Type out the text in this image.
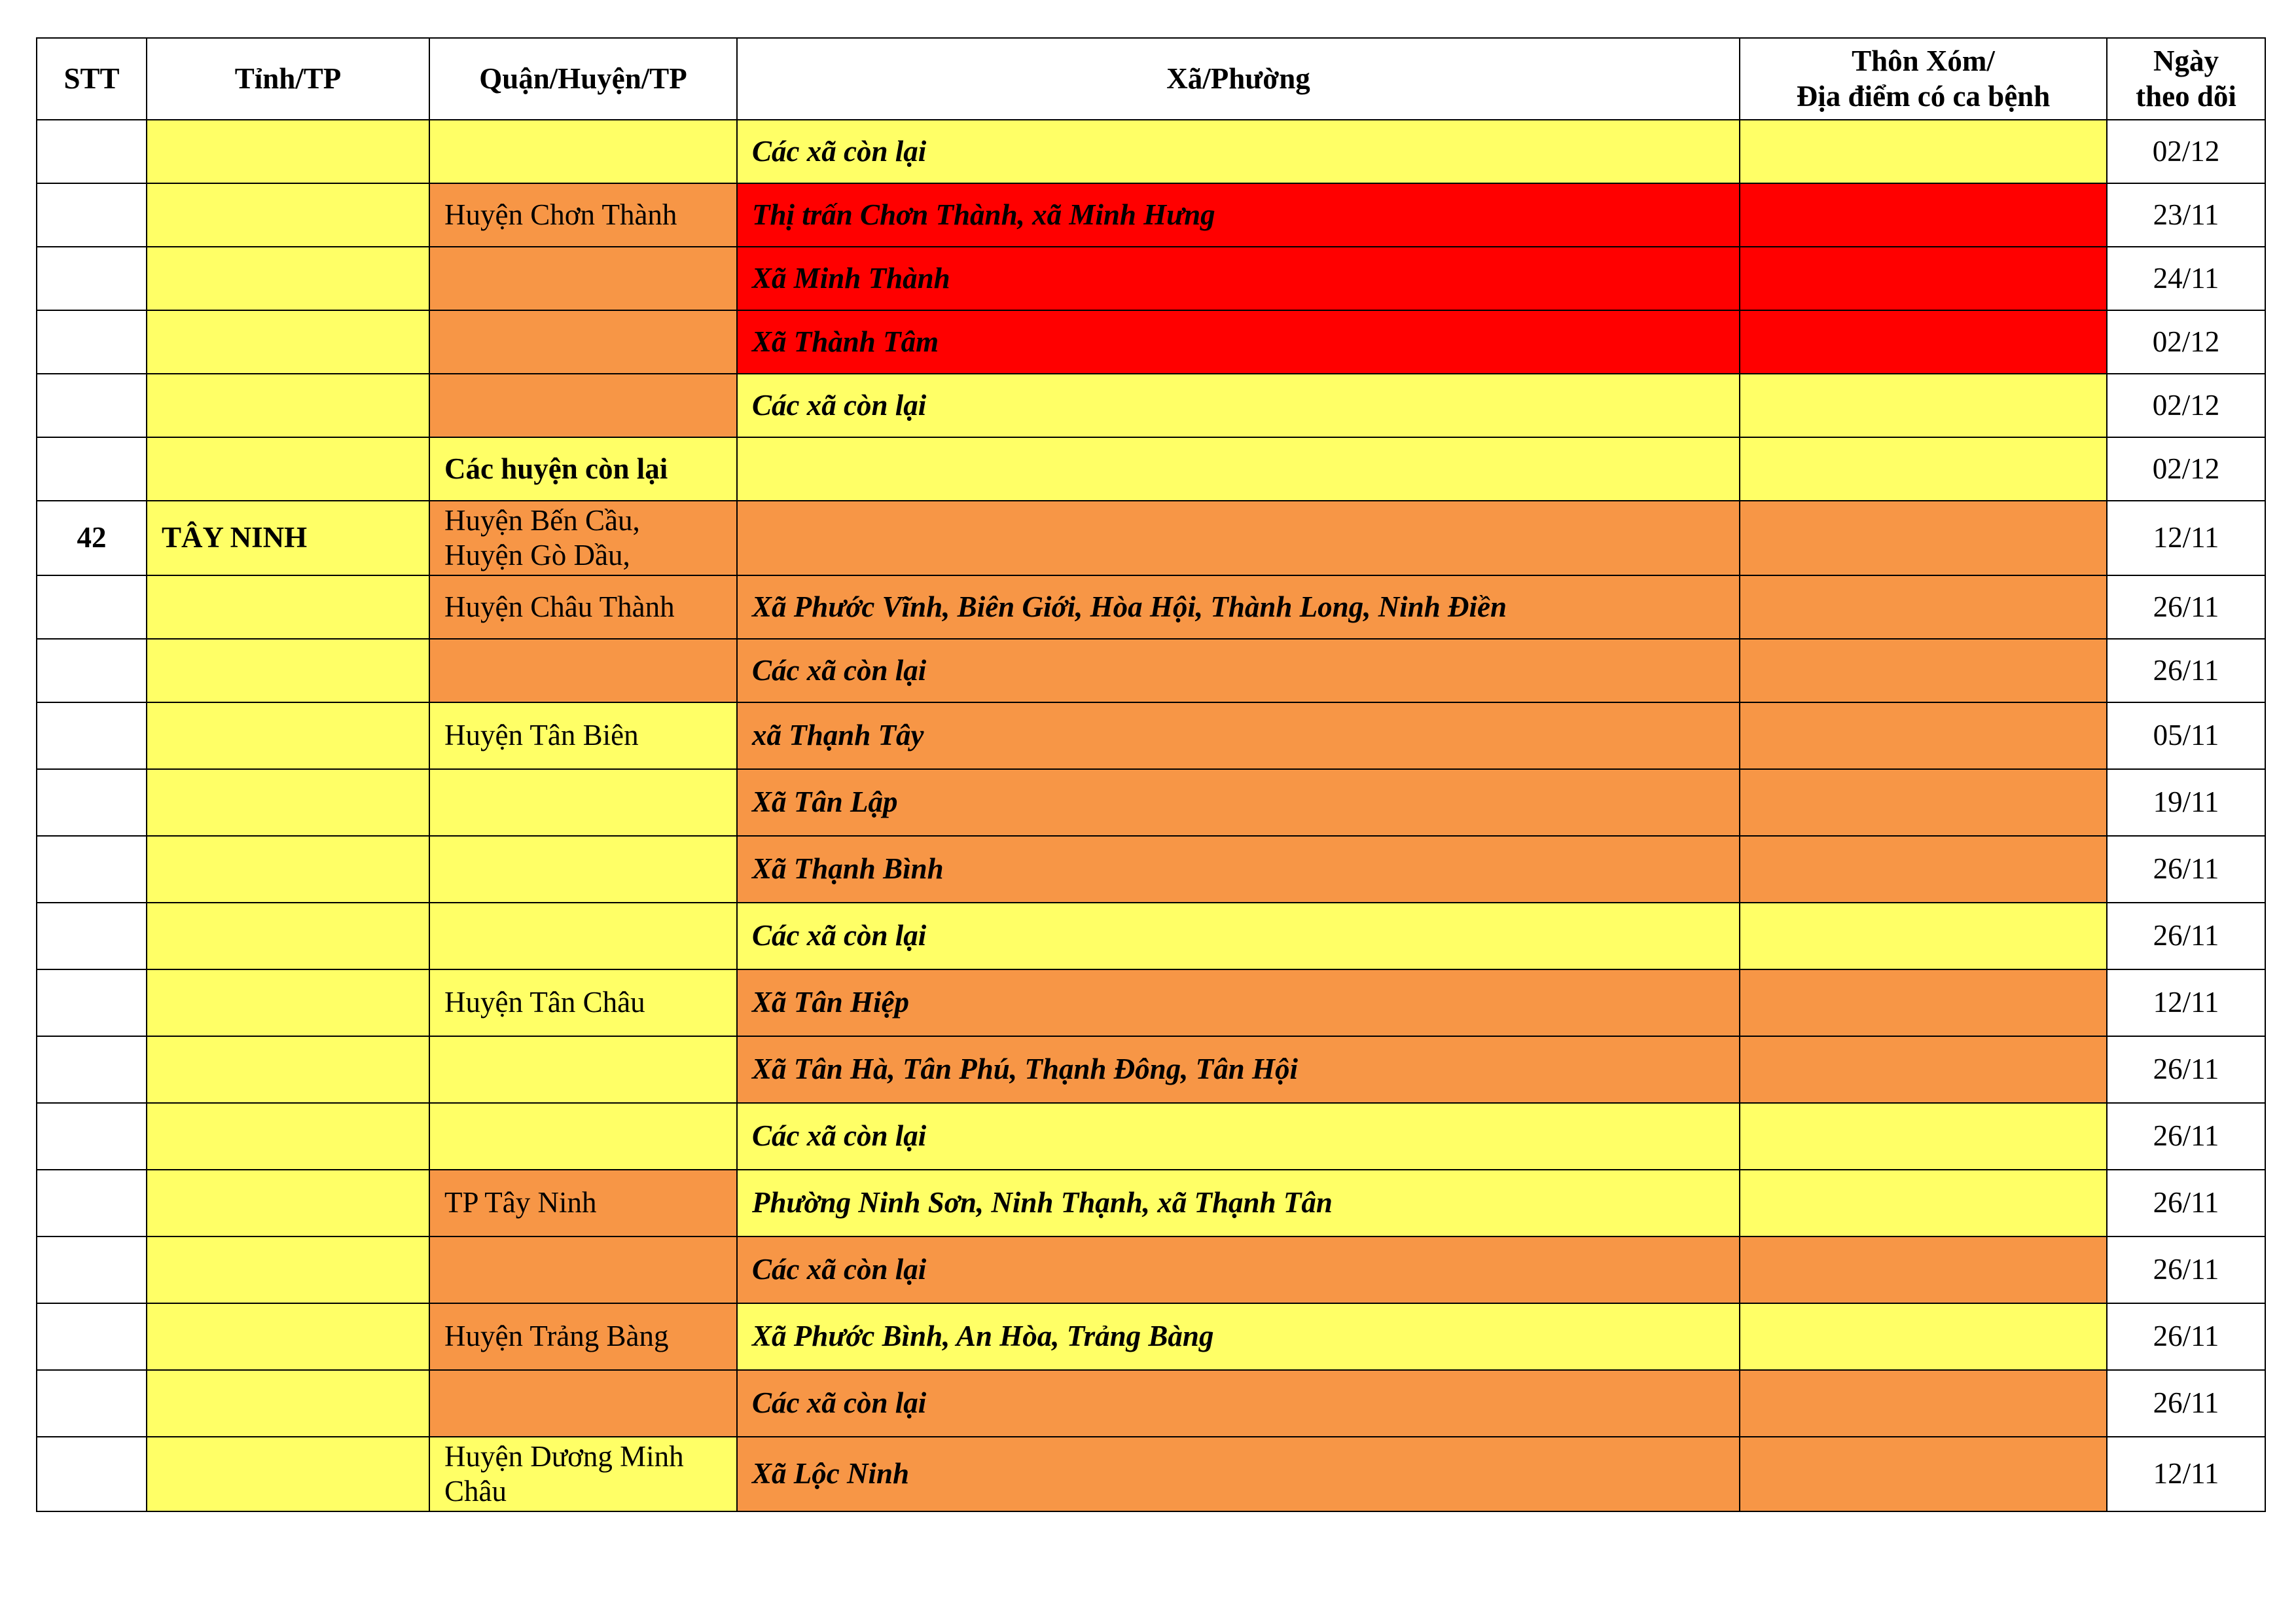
STT	Tỉnh/TP	Quận/Huyện/TP	Xã/Phường	Thôn Xóm/
Địa điểm có ca bệnh	Ngày
theo dõi
			Các xã còn lại		02/12
		Huyện Chơn Thành	Thị trấn Chơn Thành, xã Minh Hưng		23/11
			Xã Minh Thành		24/11
			Xã Thành Tâm		02/12
			Các xã còn lại		02/12
		Các huyện còn lại			02/12
42	TÂY NINH	Huyện Bến Cầu,
Huyện Gò Dầu,			12/11
		Huyện Châu Thành	Xã Phước Vĩnh, Biên Giới, Hòa Hội, Thành Long, Ninh Điền		26/11
			Các xã còn lại		26/11
		Huyện Tân Biên	xã Thạnh Tây		05/11
			Xã Tân Lập		19/11
			Xã Thạnh Bình		26/11
			Các xã còn lại		26/11
		Huyện Tân Châu	Xã Tân Hiệp		12/11
			Xã Tân Hà, Tân Phú, Thạnh Đông, Tân Hội		26/11
			Các xã còn lại		26/11
		TP Tây Ninh	Phường Ninh Sơn, Ninh Thạnh, xã Thạnh Tân		26/11
			Các xã còn lại		26/11
		Huyện Trảng Bàng	Xã Phước Bình, An Hòa, Trảng Bàng		26/11
			Các xã còn lại		26/11
		Huyện Dương Minh
Châu	Xã Lộc Ninh		12/11
